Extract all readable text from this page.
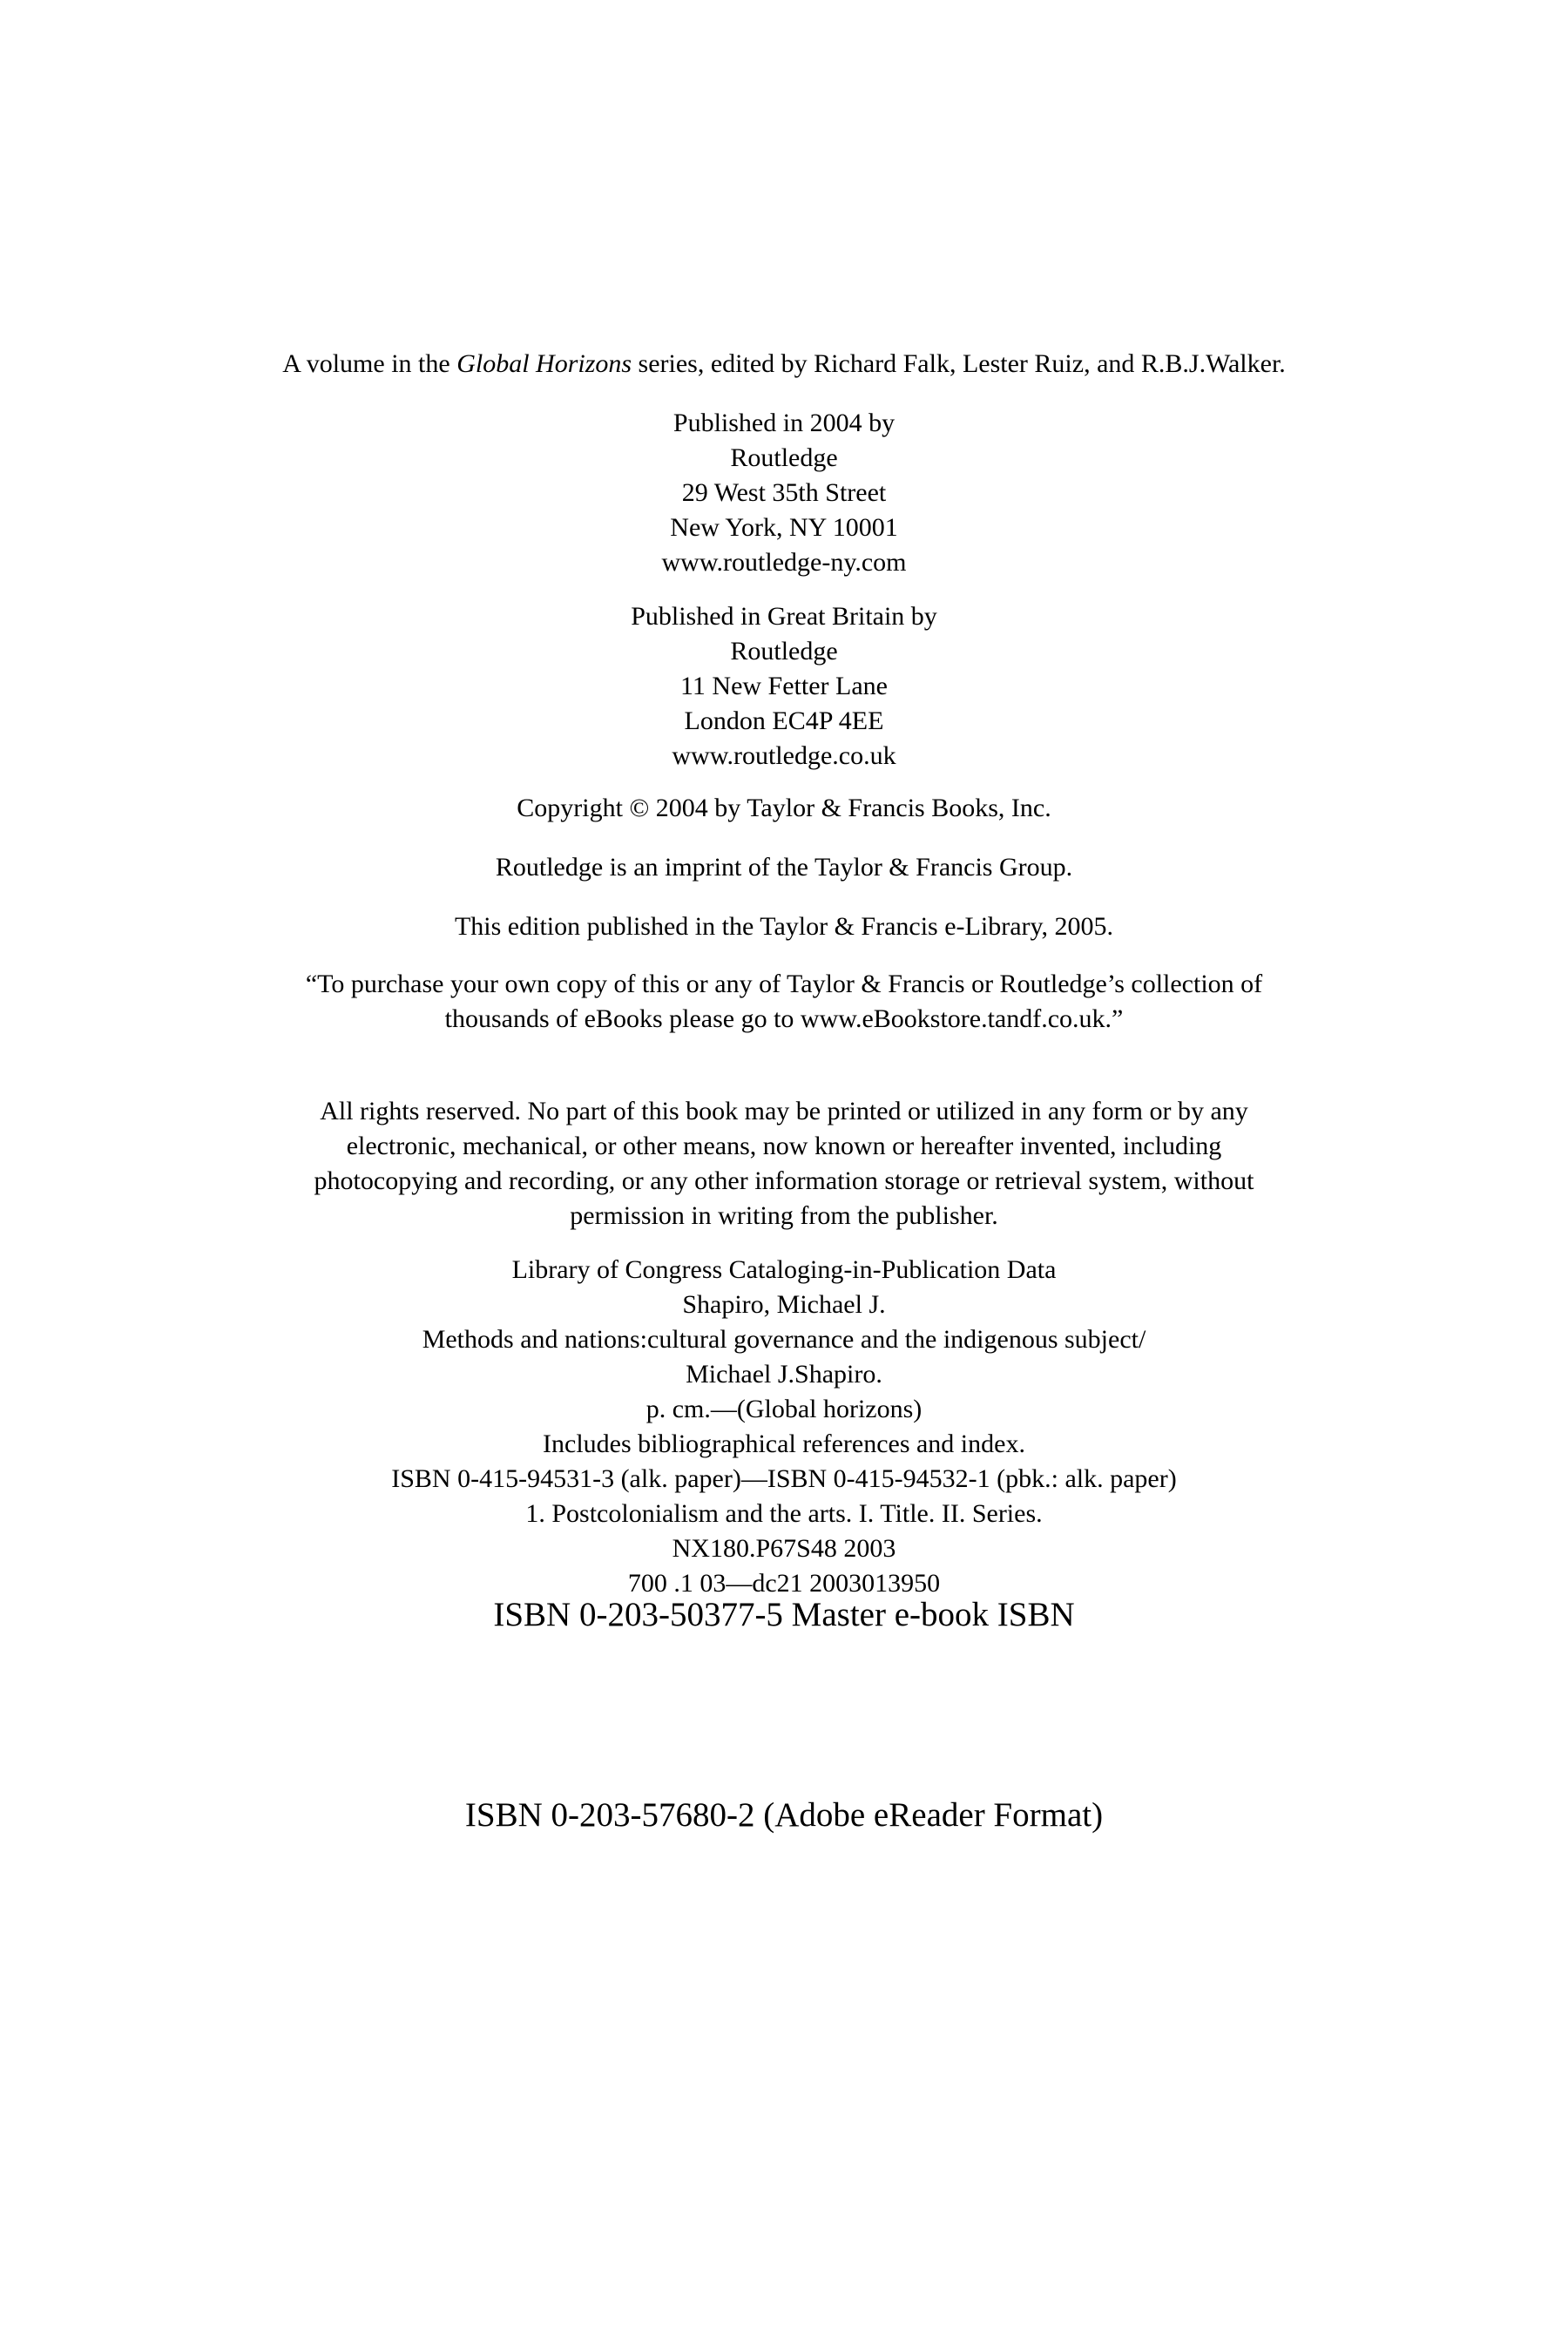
A volume in the Global Horizons series, edited by Richard Falk, Lester Ruiz, and R.B.J.Walker.
Published in 2004 by
Routledge
29 West 35th Street
New York, NY 10001
www.routledge-ny.com
Published in Great Britain by
Routledge
11 New Fetter Lane
London EC4P 4EE
www.routledge.co.uk
Copyright © 2004 by Taylor & Francis Books, Inc.
Routledge is an imprint of the Taylor & Francis Group.
This edition published in the Taylor & Francis e-Library, 2005.
“To purchase your own copy of this or any of Taylor & Francis or Routledge’s collection of
thousands of eBooks please go to www.eBookstore.tandf.co.uk.”
All rights reserved. No part of this book may be printed or utilized in any form or by any
electronic, mechanical, or other means, now known or hereafter invented, including
photocopying and recording, or any other information storage or retrieval system, without
permission in writing from the publisher.
Library of Congress Cataloging-in-Publication Data
Shapiro, Michael J.
Methods and nations:cultural governance and the indigenous subject/
Michael J.Shapiro.
p. cm.—(Global horizons)
Includes bibliographical references and index.
ISBN 0-415-94531-3 (alk. paper)—ISBN 0-415-94532-1 (pbk.: alk. paper)
1. Postcolonialism and the arts. I. Title. II. Series.
NX180.P67S48 2003
700 .1 03—dc21 2003013950
ISBN 0-203-50377-5 Master e-book ISBN
ISBN 0-203-57680-2 (Adobe eReader Format)
